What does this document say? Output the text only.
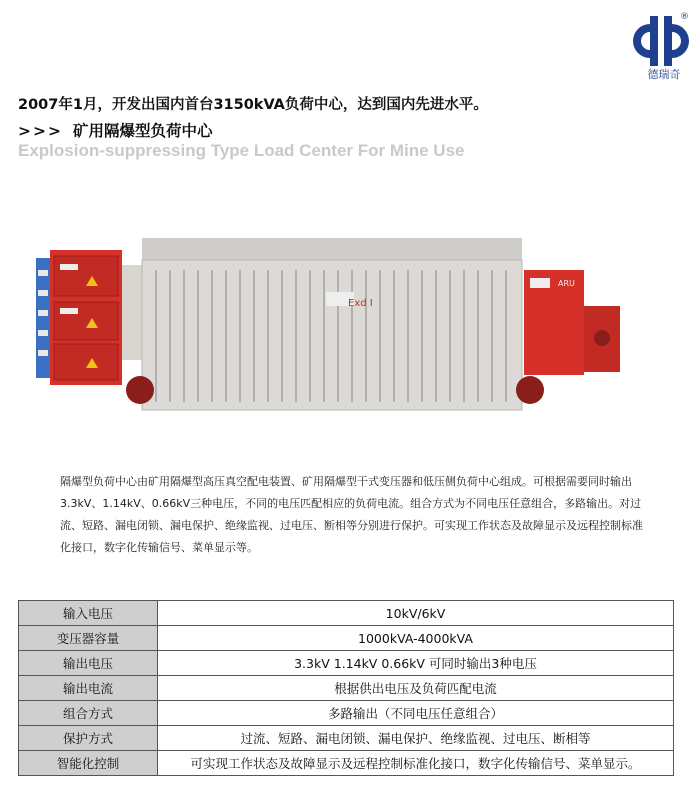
®
德瑞奇
2007年1月，开发出国内首台3150kVA负荷中心，达到国内先进水平。
>>> 矿用隔爆型负荷中心
Explosion-suppressing Type Load Center For Mine Use
Exd I
ARU
隔爆型负荷中心由矿用隔爆型高压真空配电装置、矿用隔爆型干式变压器和低压侧负荷中心组成。可根据需要同时输出3.3kV、1.14kV、0.66kV三种电压，不同的电压匹配相应的负荷电流。组合方式为不同电压任意组合，多路输出。对过流、短路、漏电闭锁、漏电保护、绝缘监视、过电压、断相等分别进行保护。可实现工作状态及故障显示及远程控制标准化接口，数字化传输信号、菜单显示等。
输入电压	10kV/6kV
变压器容量	1000kVA-4000kVA
输出电压	3.3kV 1.14kV 0.66kV 可同时输出3种电压
输出电流	根据供出电压及负荷匹配电流
组合方式	多路输出（不同电压任意组合）
保护方式	过流、短路、漏电闭锁、漏电保护、绝缘监视、过电压、断相等
智能化控制	可实现工作状态及故障显示及远程控制标准化接口，数字化传输信号、菜单显示。
